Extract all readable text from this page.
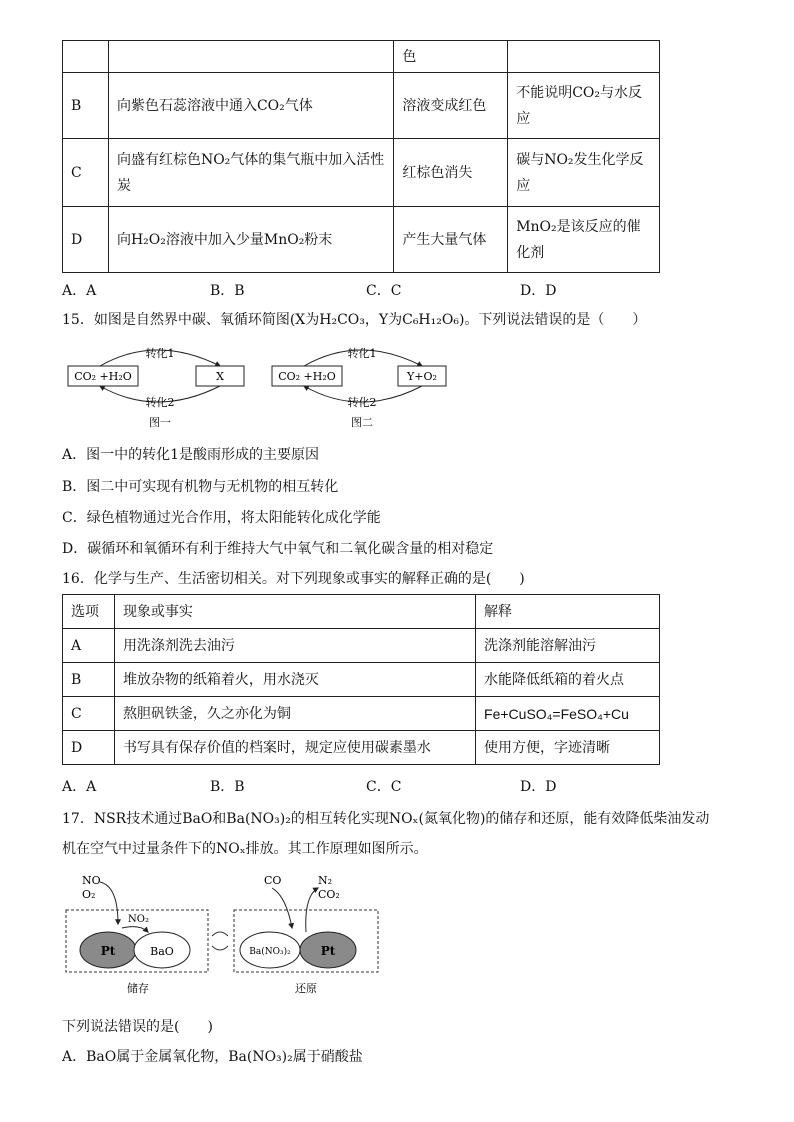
		色	
B	向紫色石蕊溶液中通入CO₂气体	溶液变成红色	不能说明CO₂与水反应
C	向盛有红棕色NO₂气体的集气瓶中加入活性炭	红棕色消失	碳与NO₂发生化学反应
D	向H₂O₂溶液中加入少量MnO₂粉末	产生大量气体	MnO₂是该反应的催化剂
A．A	B．B	C．C	D．D
15．如图是自然界中碳、氧循环简图(X为H₂CO₃，Y为C₆H₁₂O₆)。下列说法错误的是（　　）
CO₂ +H₂O	X

转化1
转化2
图一
CO₂ +H₂O	Y+O₂
转化1
转化2
图二
A．图一中的转化1是酸雨形成的主要原因
B．图二中可实现有机物与无机物的相互转化
C．绿色植物通过光合作用，将太阳能转化成化学能
D．碳循环和氧循环有利于维持大气中氧气和二氧化碳含量的相对稳定
16．化学与生产、生活密切相关。对下列现象或事实的解释正确的是(　　)
选项	现象或事实	解释
A	用洗涤剂洗去油污	洗涤剂能溶解油污
B	堆放杂物的纸箱着火，用水浇灭	水能降低纸箱的着火点
C	熬胆矾铁釜，久之亦化为铜	Fe+CuSO₄=FeSO₄+Cu
D	书写具有保存价值的档案时，规定应使用碳素墨水	使用方便，字迹清晰
A．A	B．B	C．C	D．D
17．NSR技术通过BaO和Ba(NO₃)₂的相互转化实现NOₓ(氮氧化物)的储存和还原，能有效降低柴油发动
机在空气中过量条件下的NOₓ排放。其工作原理如图所示。
NO
O₂
NO₂
Pt	BaO
储存
CO	N₂
CO₂
Ba(NO₃)₂ Pt
还原
下列说法错误的是(　　)
A．BaO属于金属氧化物，Ba(NO₃)₂属于硝酸盐
